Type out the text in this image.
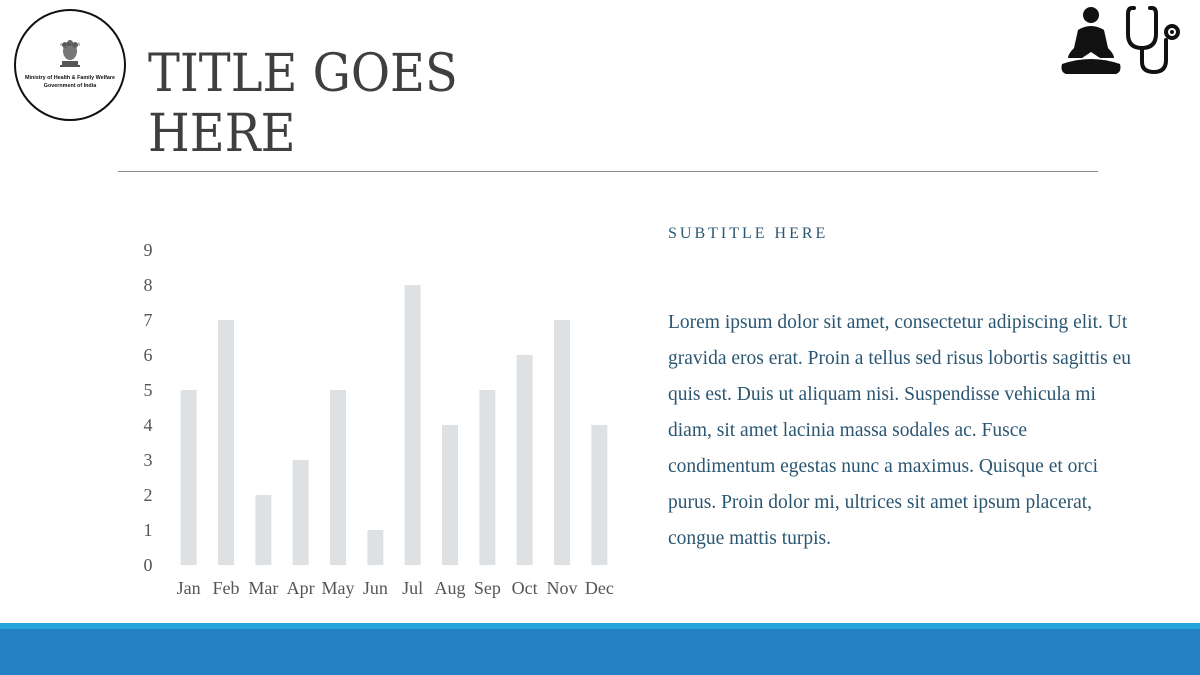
सत्यमेव जयते
Ministry of Health & Family Welfare
Government of India TITLE GOES HERE
0
1
2
3
4
5
6
7
8
9
Jan Feb Mar Apr May Jun Jul Aug Sep Oct Nov Dec
SUBTITLE HERE
Lorem ipsum dolor sit amet, consectetur adipiscing elit. Ut gravida eros erat. Proin a tellus sed risus lobortis sagittis eu quis est. Duis ut aliquam nisi. Suspendisse vehicula mi diam, sit amet lacinia massa sodales ac. Fusce condimentum egestas nunc a maximus. Quisque et orci purus. Proin dolor mi, ultrices sit amet ipsum placerat, congue mattis turpis.
